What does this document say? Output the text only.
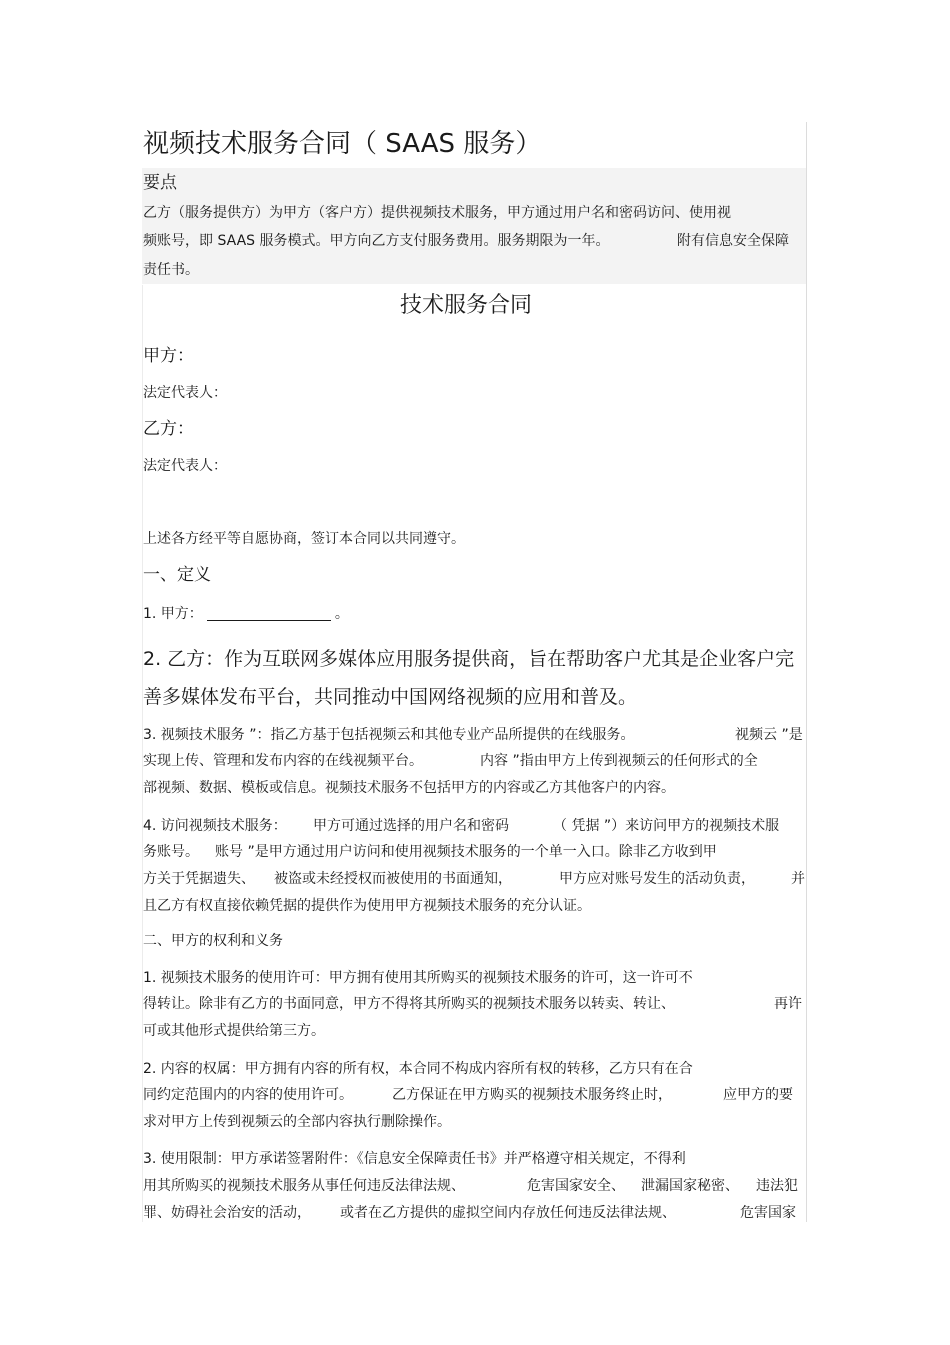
视频技术服务合同（ SAAS 服务）
要点
乙方（服务提供方）为甲方（客户方）提供视频技术服务，甲方通过用户名和密码访问、使用视
频账号，即 SAAS 服务模式。甲方向乙方支付服务费用。服务期限为一年。	附有信息安全保障
责任书。
技术服务合同
甲方：
法定代表人：
乙方：
法定代表人：
上述各方经平等自愿协商，签订本合同以共同遵守。
一、定义
1. 甲方：	。
2. 乙方：作为互联网多媒体应用服务提供商，旨在帮助客户尤其是企业客户完
善多媒体发布平台，共同推动中国网络视频的应用和普及。
3. 视频技术服务 ”：指乙方基于包括视频云和其他专业产品所提供的在线服务。	视频云 ”是
实现上传、管理和发布内容的在线视频平台。	内容 ”指由甲方上传到视频云的任何形式的全
部视频、数据、模板或信息。视频技术服务不包括甲方的内容或乙方其他客户的内容。
4. 访问视频技术服务： 甲方可通过选择的用户名和密码	（ 凭据 ”）来访问甲方的视频技术服
务账号。 账号 ”是甲方通过用户访问和使用视频技术服务的一个单一入口。除非乙方收到甲
方关于凭据遗失、 被盗或未经授权而被使用的书面通知，	甲方应对账号发生的活动负责，	并
且乙方有权直接依赖凭据的提供作为使用甲方视频技术服务的充分认证。
二、甲方的权利和义务
1. 视频技术服务的使用许可：甲方拥有使用其所购买的视频技术服务的许可，这一许可不
得转让。除非有乙方的书面同意，甲方不得将其所购买的视频技术服务以转卖、转让、	再许
可或其他形式提供给第三方。
2. 内容的权属：甲方拥有内容的所有权，本合同不构成内容所有权的转移，乙方只有在合
同约定范围内的内容的使用许可。	乙方保证在甲方购买的视频技术服务终止时，	应甲方的要
求对甲方上传到视频云的全部内容执行删除操作。
3. 使用限制：甲方承诺签署附件：《信息安全保障责任书》并严格遵守相关规定，不得利
用其所购买的视频技术服务从事任何违反法律法规、	危害国家安全、 泄漏国家秘密、 违法犯
罪、妨碍社会治安的活动， 或者在乙方提供的虚拟空间内存放任何违反法律法规、	危害国家
